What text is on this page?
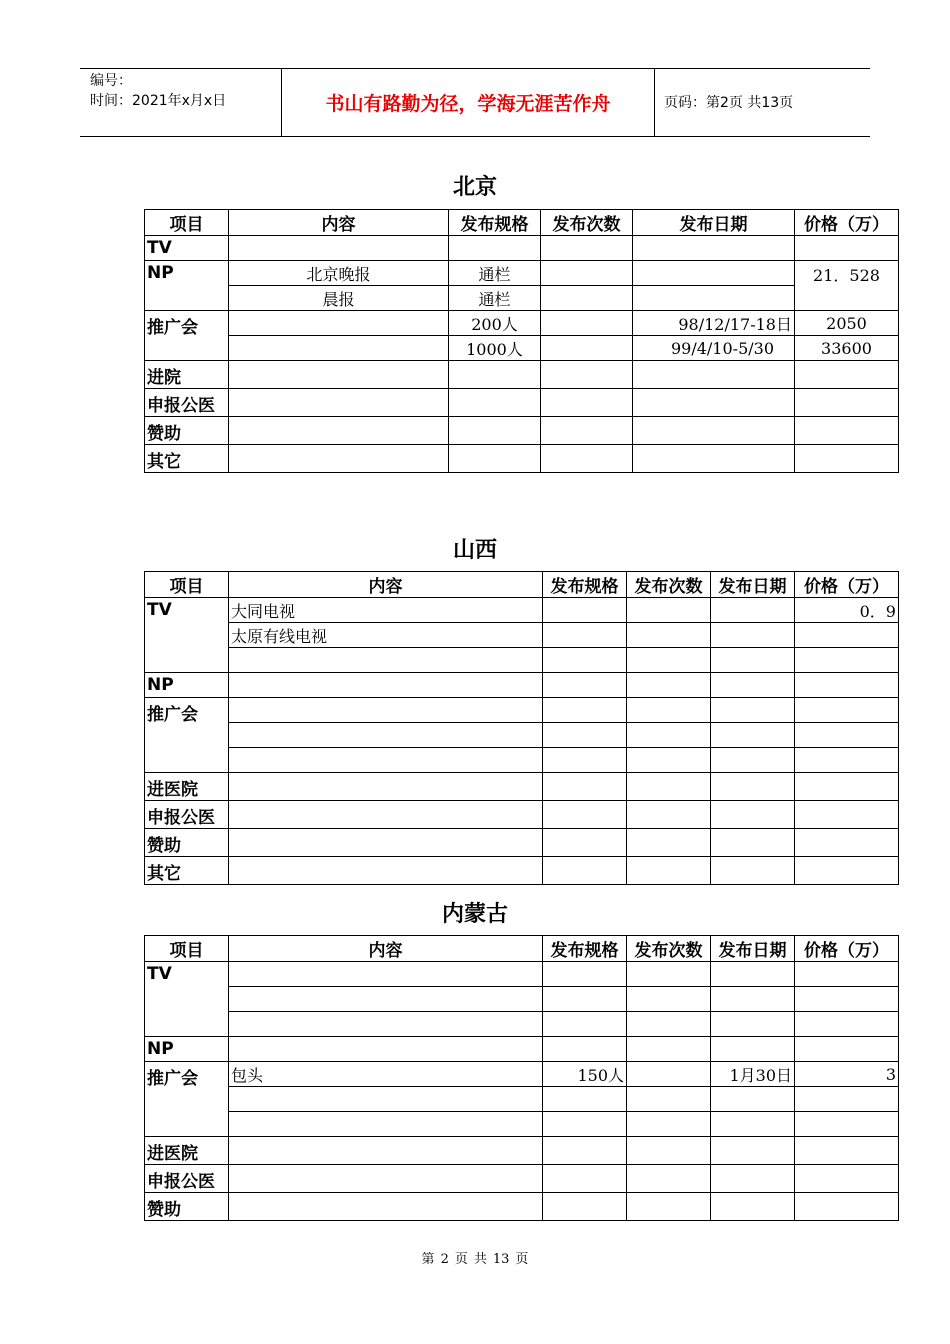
编号：
时间：2021年x月x日	书山有路勤为径，学海无涯苦作舟	页码：第2页 共13页
北京
项目	内容	发布规格	发布次数	发布日期	价格（万）
TV					
NP	北京晚报	通栏			21．528
	晨报	通栏			
推广会		200人		98/12/17-18日	2050
		1000人		99/4/10-5/30	33600
进院					
申报公医					
赞助					
其它					
山西
项目	内容	发布规格	发布次数	发布日期	价格（万）
TV	大同电视				0．9
	太原有线电视				

NP					
推广会					

进医院					
申报公医					
赞助					
其它					
内蒙古
项目	内容	发布规格	发布次数	发布日期	价格（万）
TV					

NP					
推广会	包头	150人		1月30日	3

进医院					
申报公医					
赞助					
第 2 页 共 13 页
